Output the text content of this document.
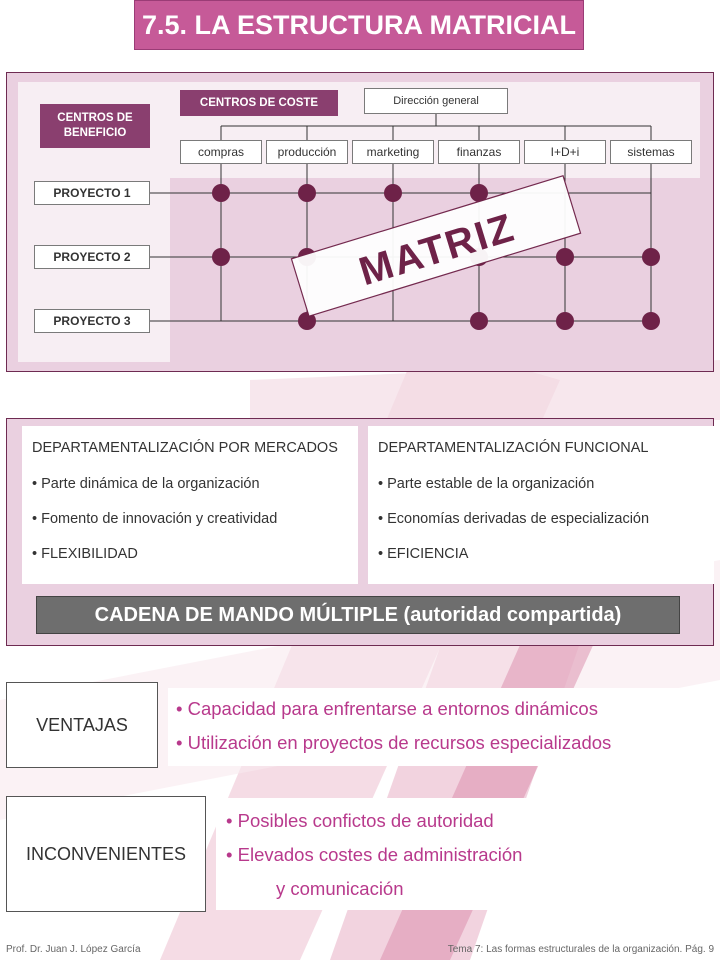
7.5. LA ESTRUCTURA MATRICIAL
CENTROS DE BENEFICIO
CENTROS DE COSTE
MATRIZ
Dirección general
compras	producción	marketing	finanzas	I+D+i	sistemas
PROYECTO 1
PROYECTO 2
PROYECTO 3
DEPARTAMENTALIZACIÓN POR MERCADOS
• Parte dinámica de la organización
• Fomento de innovación y creatividad
• FLEXIBILIDAD
DEPARTAMENTALIZACIÓN FUNCIONAL
• Parte estable de la organización
• Economías derivadas de especialización
• EFICIENCIA
CADENA DE MANDO MÚLTIPLE (autoridad compartida)
VENTAJAS
• Capacidad para enfrentarse a entornos dinámicos
• Utilización en proyectos de recursos especializados
INCONVENIENTES
• Posibles confictos de autoridad
• Elevados costes de administración
y comunicación
Prof. Dr. Juan J. López García	Tema 7: Las formas estructurales de la organización. Pág. 9
